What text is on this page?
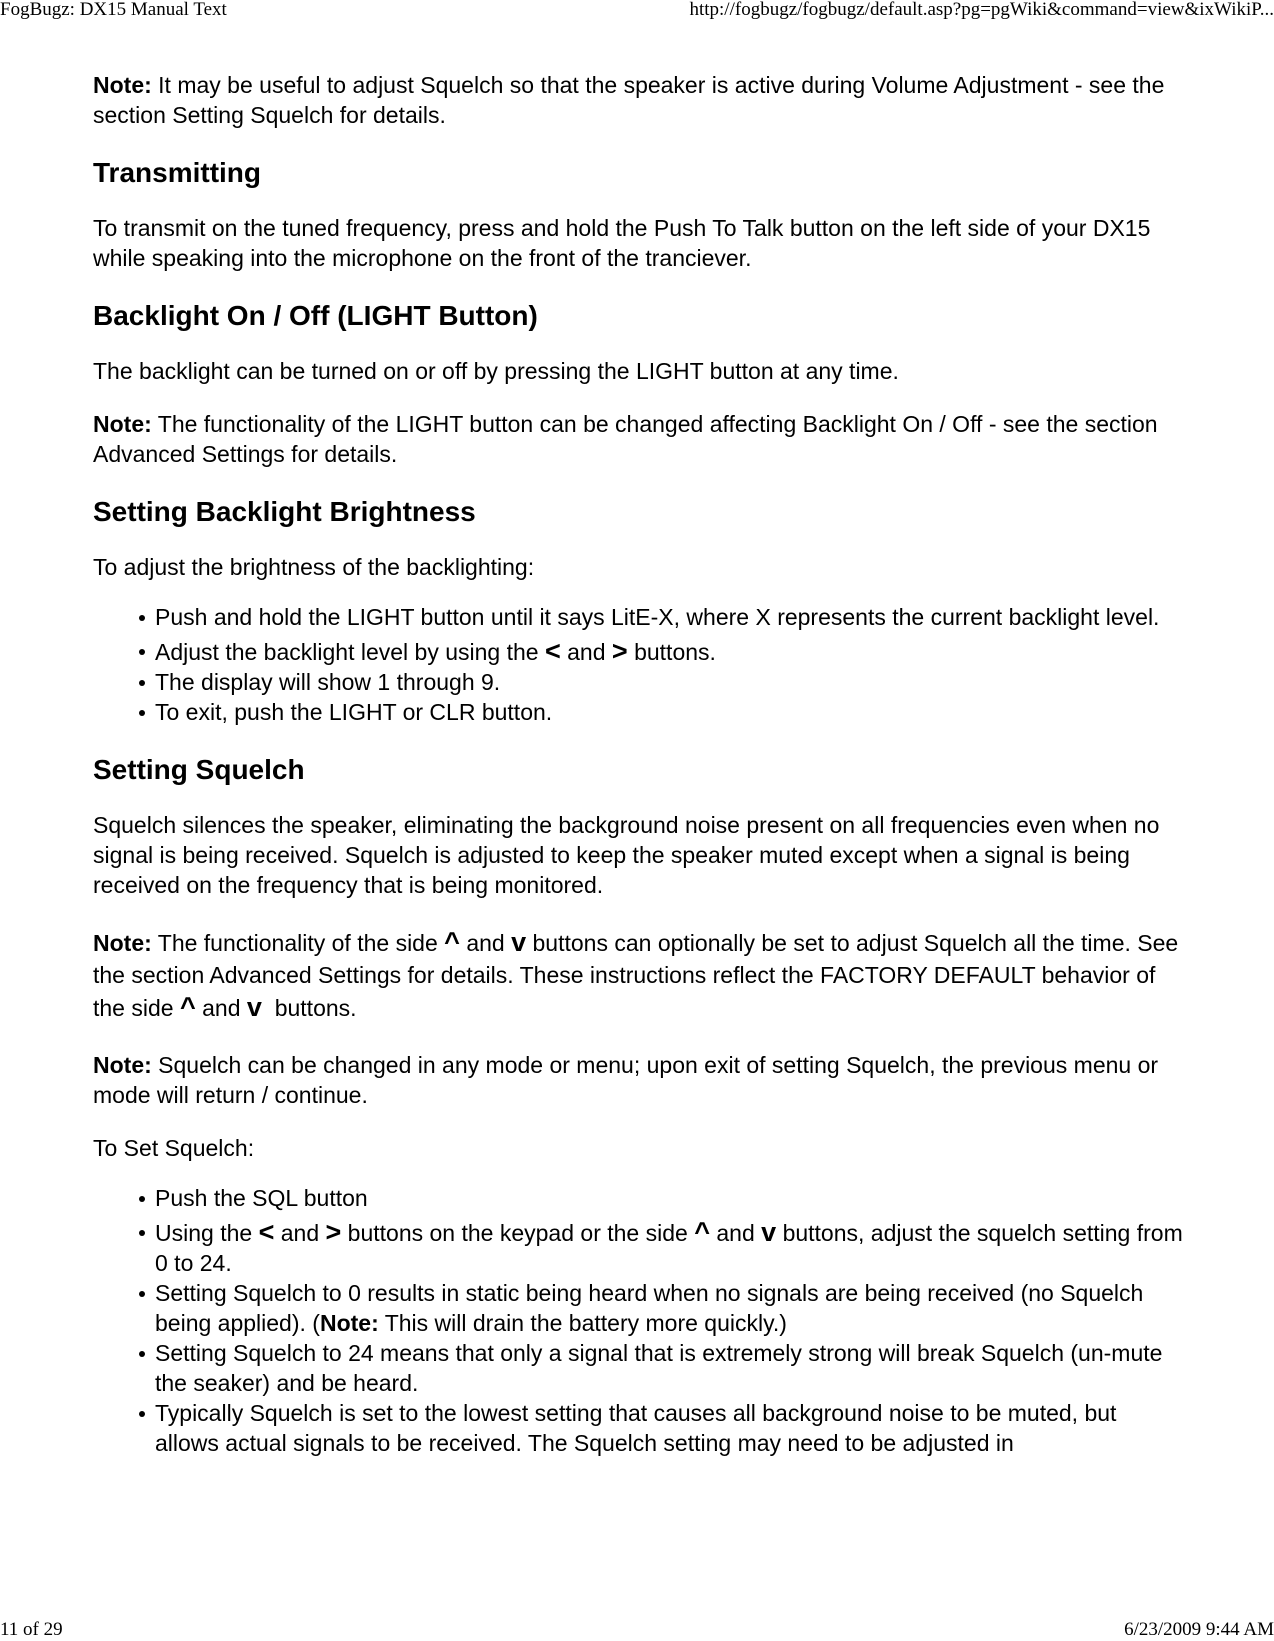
FogBugz: DX15 Manual Text	http://fogbugz/fogbugz/default.asp?pg=pgWiki&command=view&ixWikiP...

Note: It may be useful to adjust Squelch so that the speaker is active during Volume Adjustment - see the section Setting Squelch for details.

Transmitting

To transmit on the tuned frequency, press and hold the Push To Talk button on the left side of your DX15 while speaking into the microphone on the front of the tranciever.

Backlight On / Off (LIGHT Button)

The backlight can be turned on or off by pressing the LIGHT button at any time.

Note: The functionality of the LIGHT button can be changed affecting Backlight On / Off - see the section Advanced Settings for details.

Setting Backlight Brightness

To adjust the brightness of the backlighting:

Push and hold the LIGHT button until it says LitE-X, where X represents the current backlight level.
Adjust the backlight level by using the < and > buttons.
The display will show 1 through 9.
To exit, push the LIGHT or CLR button.
Setting Squelch

Squelch silences the speaker, eliminating the background noise present on all frequencies even when no signal is being received. Squelch is adjusted to keep the speaker muted except when a signal is being received on the frequency that is being monitored.

Note: The functionality of the side ^ and v buttons can optionally be set to adjust Squelch all the time. See the section Advanced Settings for details. These instructions reflect the FACTORY DEFAULT behavior of the side ^ and v buttons.

Note: Squelch can be changed in any mode or menu; upon exit of setting Squelch, the previous menu or mode will return / continue.

To Set Squelch:

Push the SQL button
Using the < and > buttons on the keypad or the side ^ and v buttons, adjust the squelch setting from 0 to 24.
Setting Squelch to 0 results in static being heard when no signals are being received (no Squelch being applied). (Note: This will drain the battery more quickly.)
Setting Squelch to 24 means that only a signal that is extremely strong will break Squelch (un-mute the seaker) and be heard.
Typically Squelch is set to the lowest setting that causes all background noise to be muted, but allows actual signals to be received. The Squelch setting may need to be adjusted in
11 of 29	6/23/2009 9:44 AM
